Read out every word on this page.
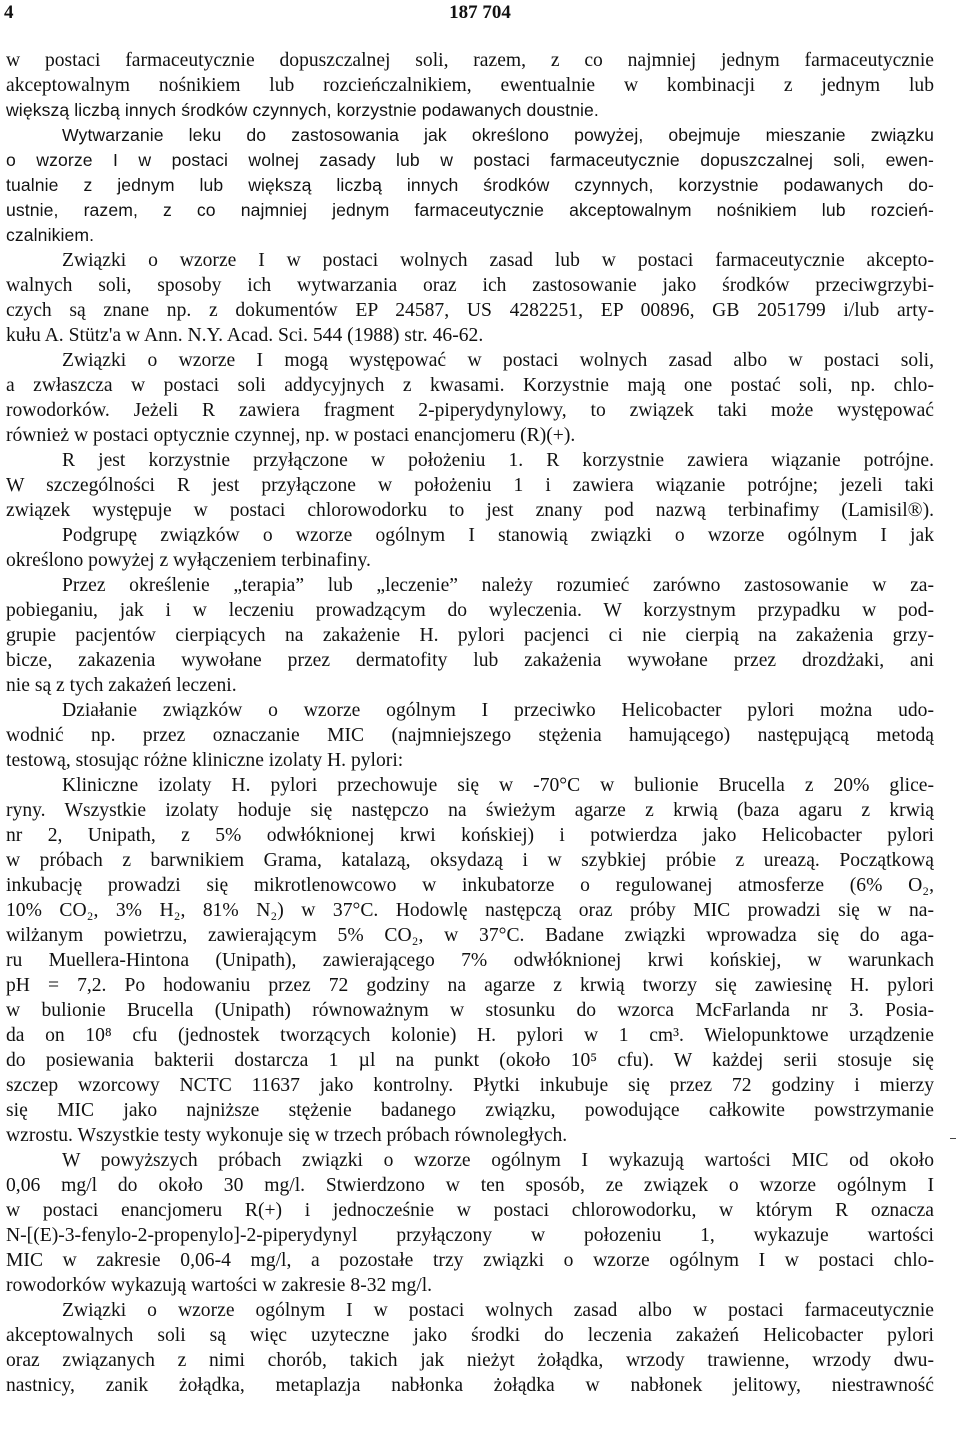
4	187 704
w postaci farmaceutycznie dopuszczalnej soli, razem, z co najmniej jednym farmaceutycznie
akceptowalnym nośnikiem lub rozcieńczalnikiem, ewentualnie w kombinacji z jednym lub
większą liczbą innych środków czynnych, korzystnie podawanych doustnie.
Wytwarzanie leku do zastosowania jak określono powyżej, obejmuje mieszanie związku
o wzorze I w postaci wolnej zasady lub w postaci farmaceutycznie dopuszczalnej soli, ewen-
tualnie z jednym lub większą liczbą innych środków czynnych, korzystnie podawanych do-
ustnie, razem, z co najmniej jednym farmaceutycznie akceptowalnym nośnikiem lub rozcień-
czalnikiem.
Związki o wzorze I w postaci wolnych zasad lub w postaci farmaceutycznie akcepto-
walnych soli, sposoby ich wytwarzania oraz ich zastosowanie jako środków przeciwgrzybi-
czych są znane np. z dokumentów EP 24587, US 4282251, EP 00896, GB 2051799 i/lub arty-
kułu A. Stütz'a w Ann. N.Y. Acad. Sci. 544 (1988) str. 46-62.
Związki o wzorze I mogą występować w postaci wolnych zasad albo w postaci soli,
a zwłaszcza w postaci soli addycyjnych z kwasami. Korzystnie mają one postać soli, np. chlo-
rowodorków. Jeżeli R zawiera fragment 2-piperydynylowy, to związek taki może występować
również w postaci optycznie czynnej, np. w postaci enancjomeru (R)(+).
R jest korzystnie przyłączone w położeniu 1. R korzystnie zawiera wiązanie potrójne.
W szczególności R jest przyłączone w położeniu 1 i zawiera wiązanie potrójne; jezeli taki
związek występuje w postaci chlorowodorku to jest znany pod nazwą terbinafimy (Lamisil®).
Podgrupę związków o wzorze ogólnym I stanowią związki o wzorze ogólnym I jak
określono powyżej z wyłączeniem terbinafiny.
Przez określenie „terapia” lub „leczenie” należy rozumieć zarówno zastosowanie w za-
pobieganiu, jak i w leczeniu prowadzącym do wyleczenia. W korzystnym przypadku w pod-
grupie pacjentów cierpiących na zakażenie H. pylori pacjenci ci nie cierpią na zakażenia grzy-
bicze, zakazenia wywołane przez dermatofity lub zakażenia wywołane przez drozdżaki, ani
nie są z tych zakażeń leczeni.
Działanie związków o wzorze ogólnym I przeciwko Helicobacter pylori można udo-
wodnić np. przez oznaczanie MIC (najmniejszego stężenia hamującego) następującą metodą
testową, stosując różne kliniczne izolaty H. pylori:
Kliniczne izolaty H. pylori przechowuje się w -70°C w bulionie Brucella z 20% glice-
ryny. Wszystkie izolaty hoduje się następczo na świeżym agarze z krwią (baza agaru z krwią
nr 2, Unipath, z 5% odwłóknionej krwi końskiej) i potwierdza jako Helicobacter pylori
w próbach z barwnikiem Grama, katalazą, oksydazą i w szybkiej próbie z ureazą. Początkową
inkubację prowadzi się mikrotlenowcowo w inkubatorze o regulowanej atmosferze (6% O₂,
10% CO₂, 3% H₂, 81% N₂) w 37°C. Hodowlę następczą oraz próby MIC prowadzi się w na-
wilżanym powietrzu, zawierającym 5% CO₂, w 37°C. Badane związki wprowadza się do aga-
ru Muellera-Hintona (Unipath), zawierającego 7% odwłóknionej krwi końskiej, w warunkach
pH = 7,2. Po hodowaniu przez 72 godziny na agarze z krwią tworzy się zawiesinę H. pylori
w bulionie Brucella (Unipath) równoważnym w stosunku do wzorca McFarlanda nr 3. Posia-
da on 10⁸ cfu (jednostek tworzących kolonie) H. pylori w 1 cm³. Wielopunktowe urządzenie
do posiewania bakterii dostarcza 1 µl na punkt (około 10⁵ cfu). W każdej serii stosuje się
szczep wzorcowy NCTC 11637 jako kontrolny. Płytki inkubuje się przez 72 godziny i mierzy
się MIC jako najniższe stężenie badanego związku, powodujące całkowite powstrzymanie
wzrostu. Wszystkie testy wykonuje się w trzech próbach równoległych.
W powyższych próbach związki o wzorze ogólnym I wykazują wartości MIC od około
0,06 mg/l do około 30 mg/l. Stwierdzono w ten sposób, ze związek o wzorze ogólnym I
w postaci enancjomeru R(+) i jednocześnie w postaci chlorowodorku, w którym R oznacza
N-[(E)-3-fenylo-2-propenylo]-2-piperydynyl przyłączony w połozeniu 1, wykazuje wartości
MIC w zakresie 0,06-4 mg/l, a pozostałe trzy związki o wzorze ogólnym I w postaci chlo-
rowodorków wykazują wartości w zakresie 8-32 mg/l.
Związki o wzorze ogólnym I w postaci wolnych zasad albo w postaci farmaceutycznie
akceptowalnych soli są więc uzyteczne jako środki do leczenia zakażeń Helicobacter pylori
oraz związanych z nimi chorób, takich jak nieżyt żołądka, wrzody trawienne, wrzody dwu-
nastnicy, zanik żołądka, metaplazja nabłonka żołądka w nabłonek jelitowy, niestrawność
